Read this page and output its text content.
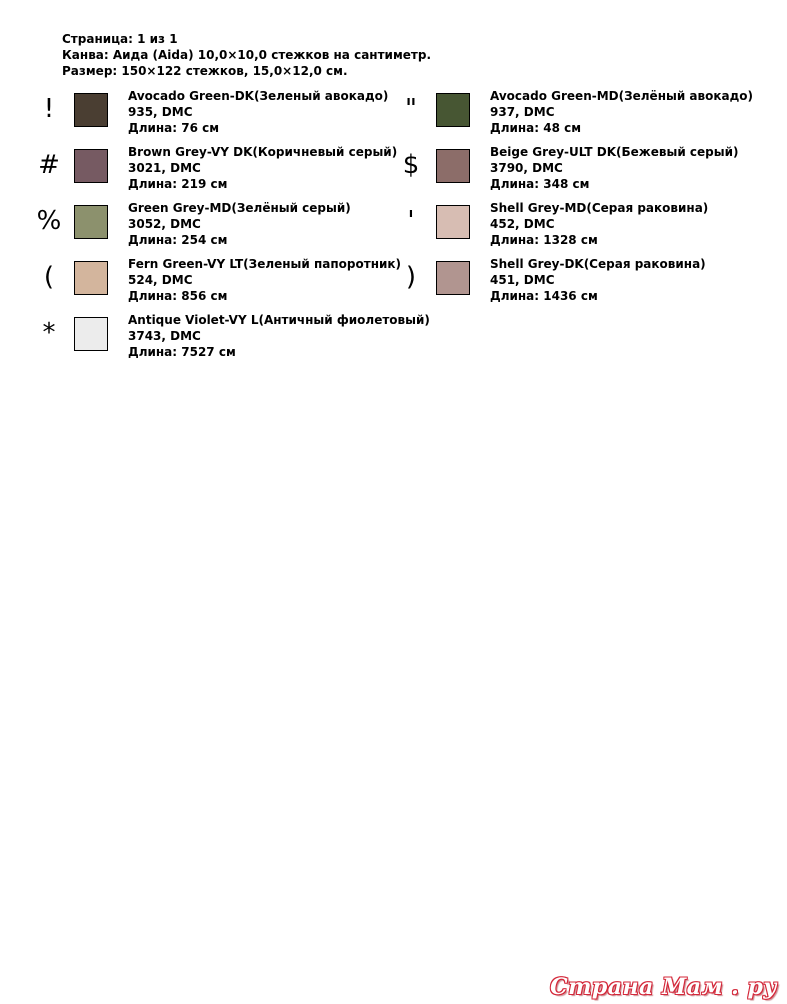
Страница: 1 из 1
Канва: Аида (Aida) 10,0×10,0 стежков на сантиметр.
Размер: 150×122 стежков, 15,0×12,0 см.
!	Avocado Green-DK(Зеленый авокадо)
935, DMC
Длина: 76 см
"	Avocado Green-MD(Зелёный авокадо)
937, DMC
Длина: 48 см
#	Brown Grey-VY DK(Коричневый серый)
3021, DMC
Длина: 219 см
$	Beige Grey-ULT DK(Бежевый серый)
3790, DMC
Длина: 348 см
%	Green Grey-MD(Зелёный серый)
3052, DMC
Длина: 254 см
'	Shell Grey-MD(Серая раковина)
452, DMC
Длина: 1328 см
(	Fern Green-VY LT(Зеленый папоротник)
524, DMC
Длина: 856 см
)	Shell Grey-DK(Серая раковина)
451, DMC
Длина: 1436 см
*	Antique Violet-VY L(Античный фиолетовый)
3743, DMC
Длина: 7527 см
Страна Мам . ру
